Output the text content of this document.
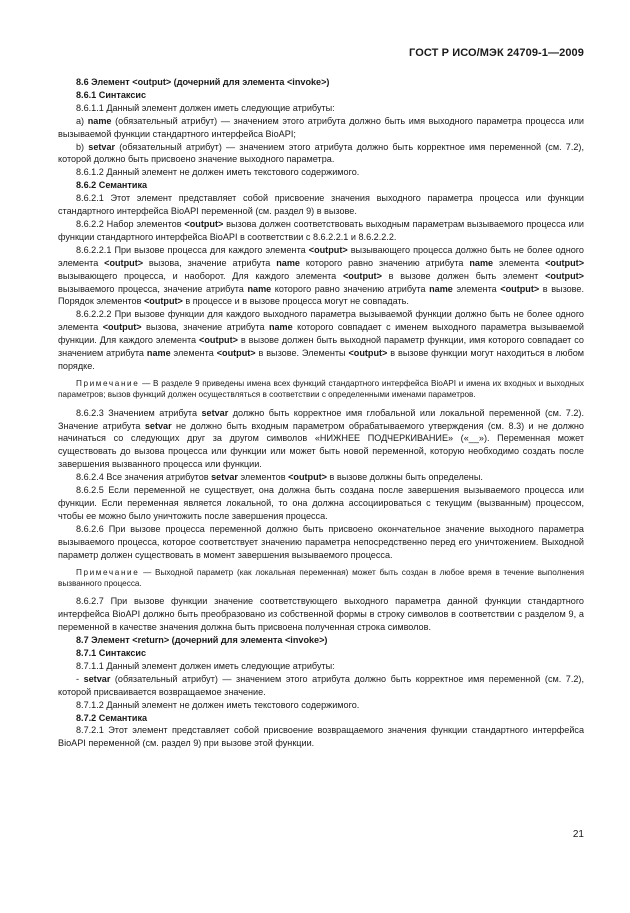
ГОСТ Р ИСО/МЭК 24709-1—2009

8.6 Элемент <output> (дочерний для элемента <invoke>)

8.6.1 Синтаксис

8.6.1.1 Данный элемент должен иметь следующие атрибуты:

a) name (обязательный атрибут) — значением этого атрибута должно быть имя выходного параметра процесса или вызываемой функции стандартного интерфейса BioAPI;

b) setvar (обязательный атрибут) — значением этого атрибута должно быть корректное имя переменной (см. 7.2), которой должно быть присвоено значение выходного параметра.

8.6.1.2 Данный элемент не должен иметь текстового содержимого.

8.6.2 Семантика

8.6.2.1 Этот элемент представляет собой присвоение значения выходного параметра процесса или функции стандартного интерфейса BioAPI переменной (см. раздел 9) в вызове.

8.6.2.2 Набор элементов <output> вызова должен соответствовать выходным параметрам вызываемого процесса или функции стандартного интерфейса BioAPI в соответствии с 8.6.2.2.1 и 8.6.2.2.2.

8.6.2.2.1 При вызове процесса для каждого элемента <output> вызывающего процесса должно быть не более одного элемента <output> вызова, значение атрибута name которого равно значению атрибута name элемента <output> вызывающего процесса, и наоборот. Для каждого элемента <output> в вызове должен быть элемент <output> вызываемого процесса, значение атрибута name которого равно значению атрибута name элемента <output> в вызове. Порядок элементов <output> в процессе и в вызове процесса могут не совпадать.

8.6.2.2.2 При вызове функции для каждого выходного параметра вызываемой функции должно быть не более одного элемента <output> вызова, значение атрибута name которого совпадает с именем выходного параметра вызываемой функции. Для каждого элемента <output> в вызове должен быть выходной параметр функции, имя которого совпадает со значением атрибута name элемента <output> в вызове. Элементы <output> в вызове функции могут находиться в любом порядке.

Примечание — В разделе 9 приведены имена всех функций стандартного интерфейса BioAPI и имена их входных и выходных параметров; вызов функций должен осуществляться в соответствии с определенными именами параметров.

8.6.2.3 Значением атрибута setvar должно быть корректное имя глобальной или локальной переменной (см. 7.2). Значение атрибута setvar не должно быть входным параметром обрабатываемого утверждения (см. 8.3) и не должно начинаться со следующих друг за другом символов «НИЖНЕЕ ПОДЧЕРКИВАНИЕ» («__»). Переменная может существовать до вызова процесса или функции или может быть новой переменной, которую необходимо создать после завершения вызванного процесса или функции.

8.6.2.4 Все значения атрибутов setvar элементов <output> в вызове должны быть определены.

8.6.2.5 Если переменной не существует, она должна быть создана после завершения вызываемого процесса или функции. Если переменная является локальной, то она должна ассоциироваться с текущим (вызванным) процессом, чтобы ее можно было уничтожить после завершения процесса.

8.6.2.6 При вызове процесса переменной должно быть присвоено окончательное значение выходного параметра вызываемого процесса, которое соответствует значению параметра непосредственно перед его уничтожением. Выходной параметр должен существовать в момент завершения вызываемого процесса.

Примечание — Выходной параметр (как локальная переменная) может быть создан в любое время в течение выполнения вызванного процесса.

8.6.2.7 При вызове функции значение соответствующего выходного параметра данной функции стандартного интерфейса BioAPI должно быть преобразовано из собственной формы в строку символов в соответствии с разделом 9, а переменной в качестве значения должна быть присвоена полученная строка символов.

8.7 Элемент <return> (дочерний для элемента <invoke>)

8.7.1 Синтаксис

8.7.1.1 Данный элемент должен иметь следующие атрибуты:

- setvar (обязательный атрибут) — значением этого атрибута должно быть корректное имя переменной (см. 7.2), которой присваивается возвращаемое значение.

8.7.1.2 Данный элемент не должен иметь текстового содержимого.

8.7.2 Семантика

8.7.2.1 Этот элемент представляет собой присвоение возвращаемого значения функции стандартного интерфейса BioAPI переменной (см. раздел 9) при вызове этой функции.

21
